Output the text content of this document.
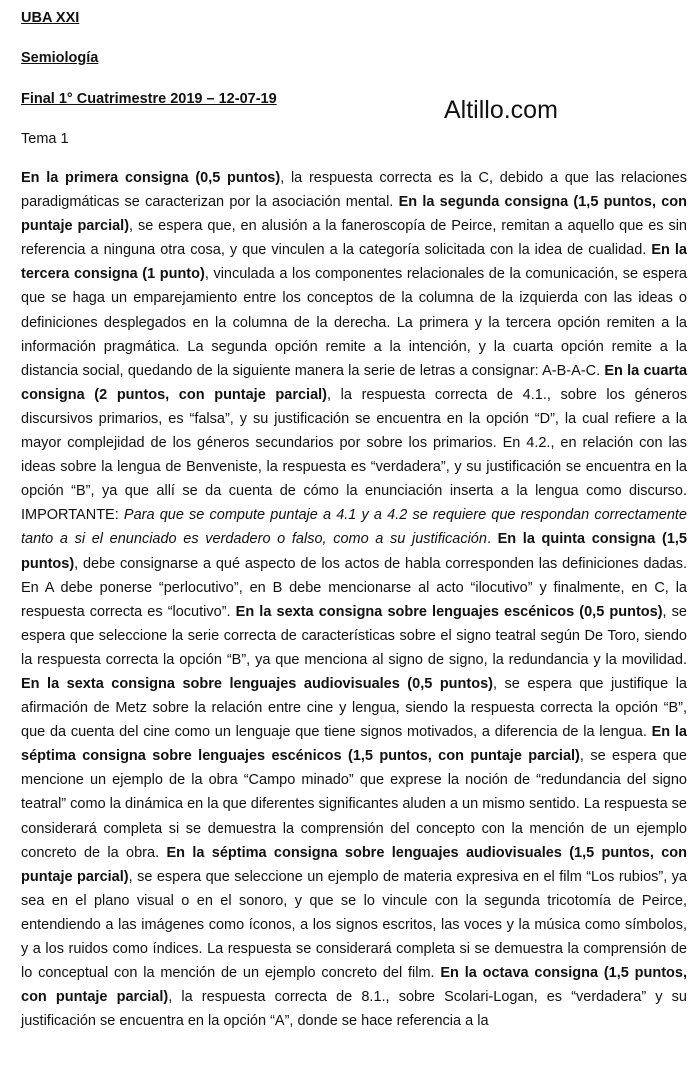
UBA XXI
Semiología
Final 1° Cuatrimestre 2019 – 12-07-19	Altillo.com
Tema 1
En la primera consigna (0,5 puntos), la respuesta correcta es la C, debido a que las relaciones paradigmáticas se caracterizan por la asociación mental. En la segunda consigna (1,5 puntos, con puntaje parcial), se espera que, en alusión a la faneroscopía de Peirce, remitan a aquello que es sin referencia a ninguna otra cosa, y que vinculen a la categoría solicitada con la idea de cualidad. En la tercera consigna (1 punto), vinculada a los componentes relacionales de la comunicación, se espera que se haga un emparejamiento entre los conceptos de la columna de la izquierda con las ideas o definiciones desplegados en la columna de la derecha. La primera y la tercera opción remiten a la información pragmática. La segunda opción remite a la intención, y la cuarta opción remite a la distancia social, quedando de la siguiente manera la serie de letras a consignar: A-B-A-C. En la cuarta consigna (2 puntos, con puntaje parcial), la respuesta correcta de 4.1., sobre los géneros discursivos primarios, es “falsa”, y su justificación se encuentra en la opción “D”, la cual refiere a la mayor complejidad de los géneros secundarios por sobre los primarios. En 4.2., en relación con las ideas sobre la lengua de Benveniste, la respuesta es “verdadera”, y su justificación se encuentra en la opción “B”, ya que allí se da cuenta de cómo la enunciación inserta a la lengua como discurso. IMPORTANTE: Para que se compute puntaje a 4.1 y a 4.2 se requiere que respondan correctamente tanto a si el enunciado es verdadero o falso, como a su justificación. En la quinta consigna (1,5 puntos), debe consignarse a qué aspecto de los actos de habla corresponden las definiciones dadas. En A debe ponerse “perlocutivo”, en B debe mencionarse al acto “ilocutivo” y finalmente, en C, la respuesta correcta es “locutivo”. En la sexta consigna sobre lenguajes escénicos (0,5 puntos), se espera que seleccione la serie correcta de características sobre el signo teatral según De Toro, siendo la respuesta correcta la opción “B”, ya que menciona al signo de signo, la redundancia y la movilidad. En la sexta consigna sobre lenguajes audiovisuales (0,5 puntos), se espera que justifique la afirmación de Metz sobre la relación entre cine y lengua, siendo la respuesta correcta la opción “B”, que da cuenta del cine como un lenguaje que tiene signos motivados, a diferencia de la lengua. En la séptima consigna sobre lenguajes escénicos (1,5 puntos, con puntaje parcial), se espera que mencione un ejemplo de la obra “Campo minado” que exprese la noción de “redundancia del signo teatral” como la dinámica en la que diferentes significantes aluden a un mismo sentido. La respuesta se considerará completa si se demuestra la comprensión del concepto con la mención de un ejemplo concreto de la obra. En la séptima consigna sobre lenguajes audiovisuales (1,5 puntos, con puntaje parcial), se espera que seleccione un ejemplo de materia expresiva en el film “Los rubios”, ya sea en el plano visual o en el sonoro, y que se lo vincule con la segunda tricotomía de Peirce, entendiendo a las imágenes como íconos, a los signos escritos, las voces y la música como símbolos, y a los ruidos como índices. La respuesta se considerará completa si se demuestra la comprensión de lo conceptual con la mención de un ejemplo concreto del film. En la octava consigna (1,5 puntos, con puntaje parcial), la respuesta correcta de 8.1., sobre Scolari-Logan, es “verdadera” y su justificación se encuentra en la opción “A”, donde se hace referencia a la
